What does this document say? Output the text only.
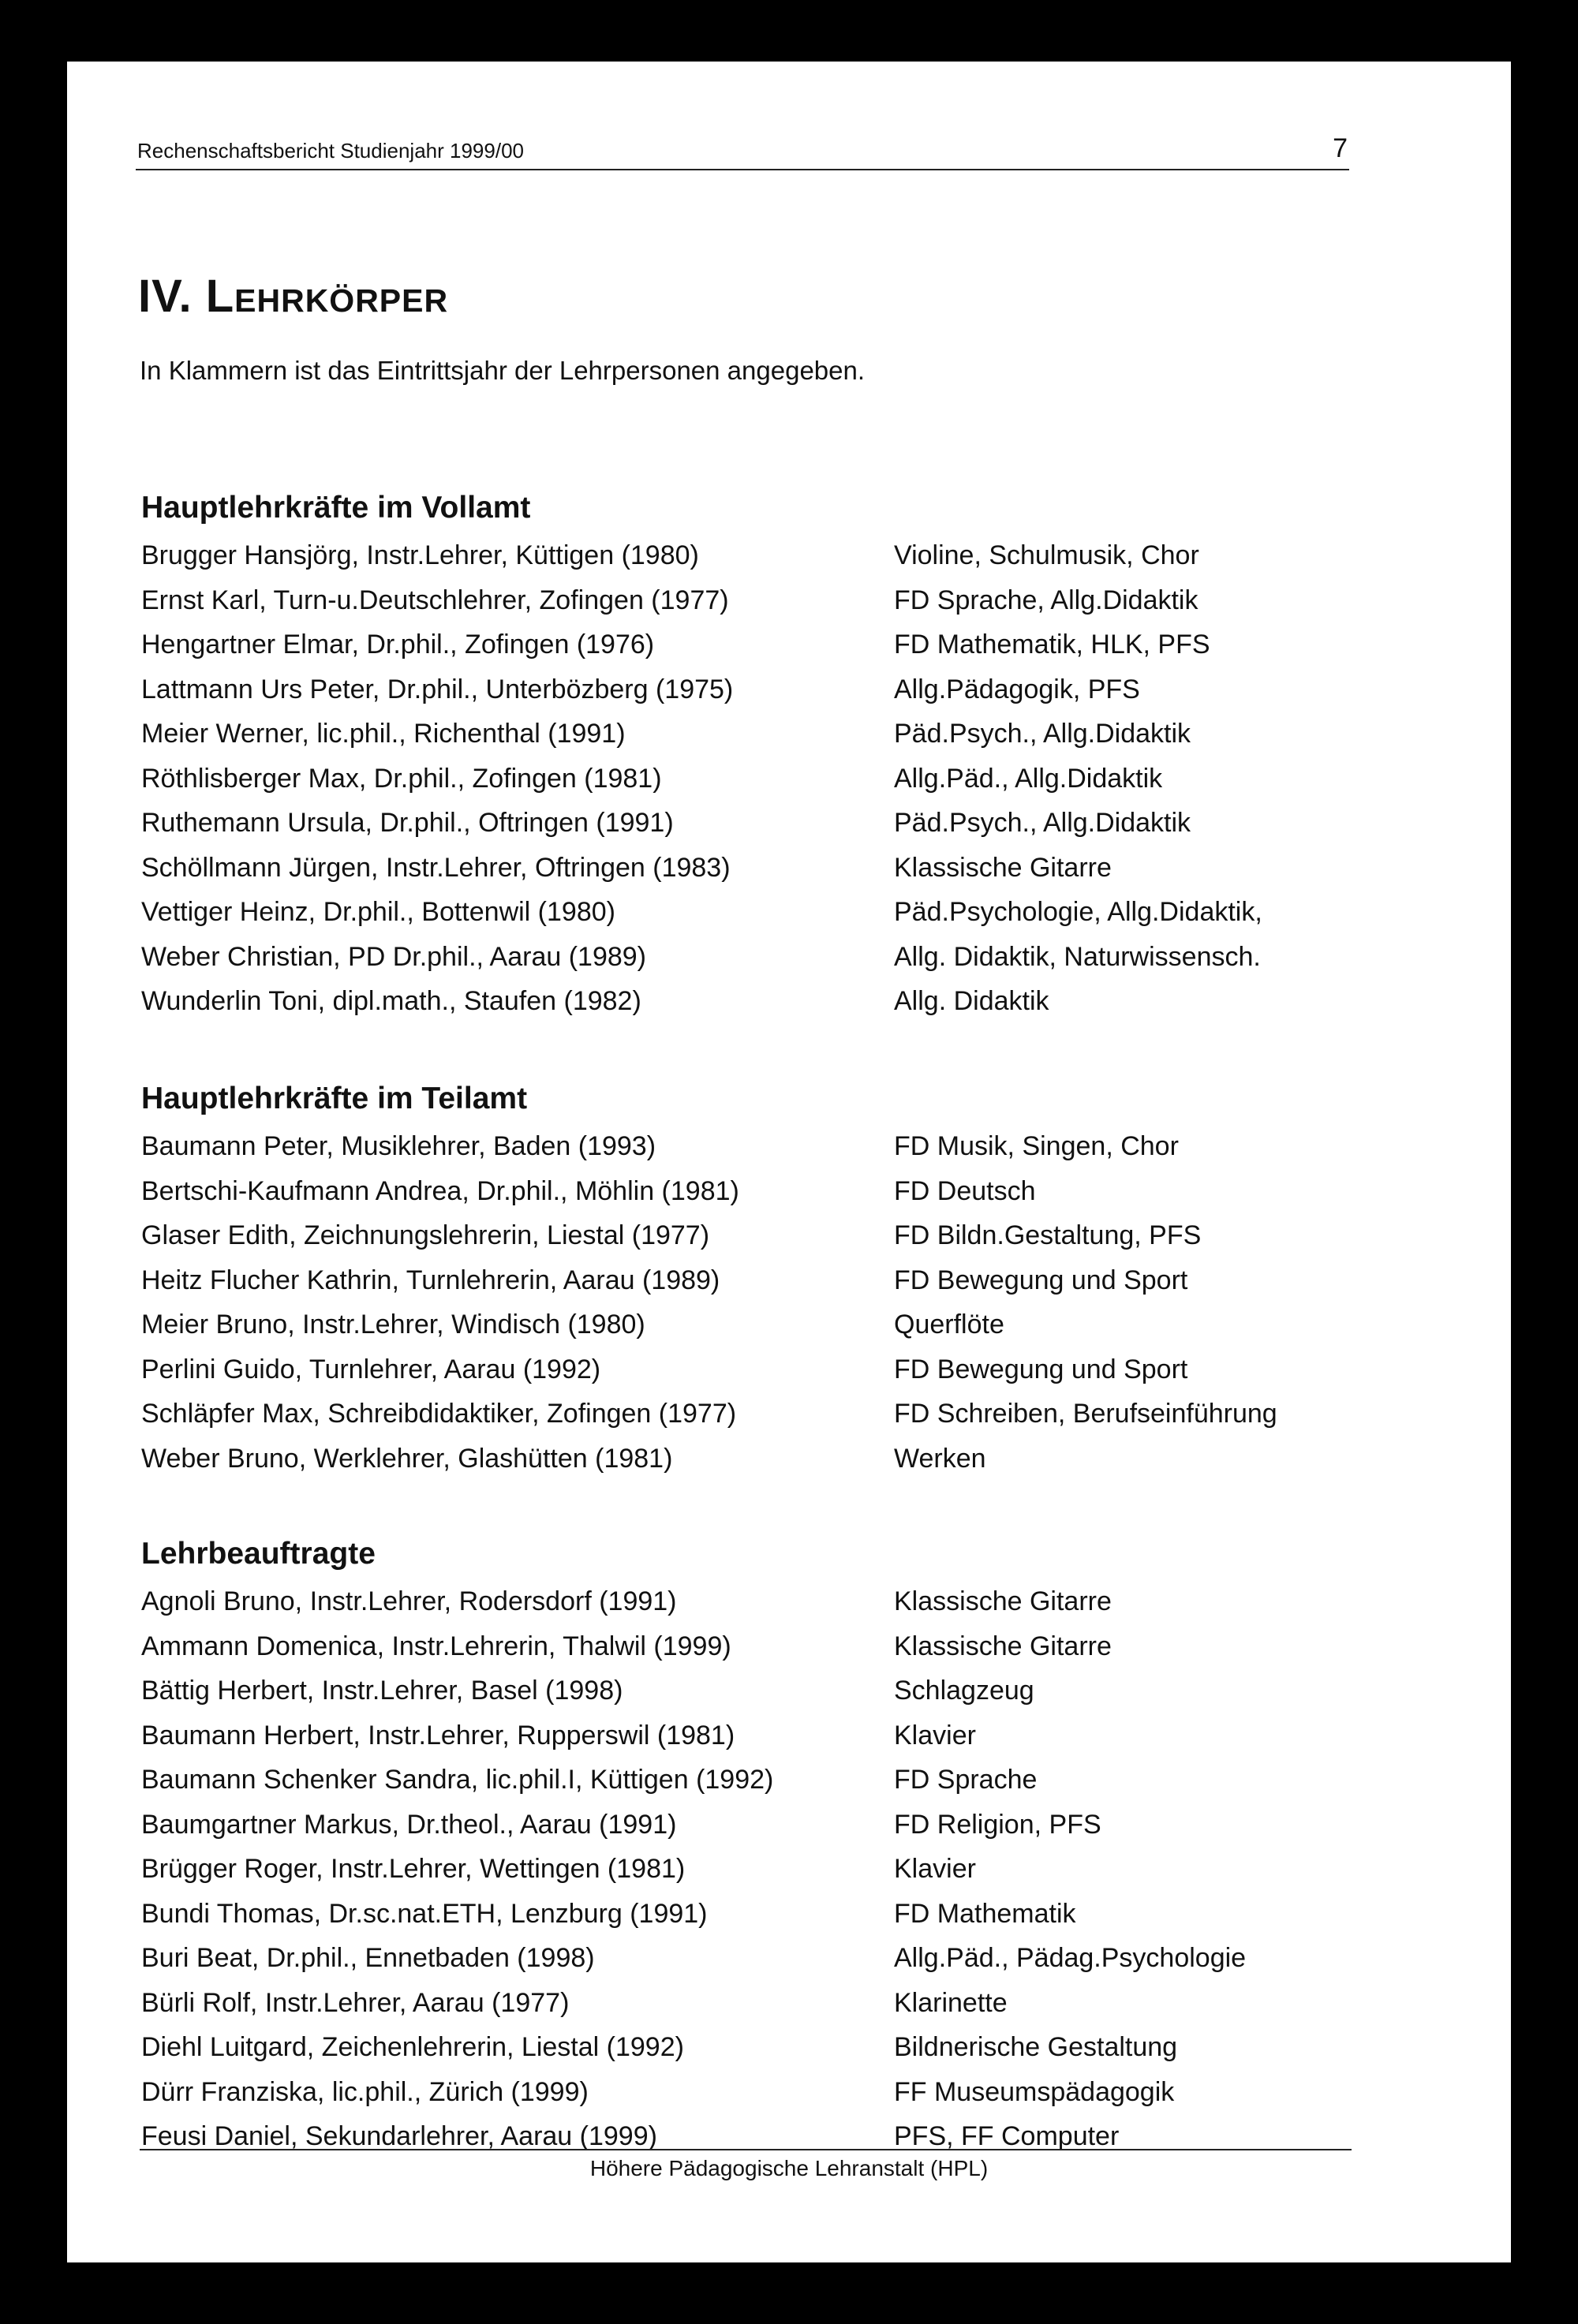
Rechenschaftsbericht Studienjahr 1999/00	7
IV. Lehrkörper
In Klammern ist das Eintrittsjahr der Lehrpersonen angegeben.
Hauptlehrkräfte im Vollamt
Brugger Hansjörg, Instr.Lehrer, Küttigen (1980)	Violine, Schulmusik, Chor
Ernst Karl, Turn-u.Deutschlehrer, Zofingen (1977)	FD Sprache, Allg.Didaktik
Hengartner Elmar, Dr.phil., Zofingen (1976)	FD Mathematik, HLK, PFS
Lattmann Urs Peter, Dr.phil., Unterbözberg (1975)	Allg.Pädagogik, PFS
Meier Werner, lic.phil., Richenthal (1991)	Päd.Psych., Allg.Didaktik
Röthlisberger Max, Dr.phil., Zofingen (1981)	Allg.Päd., Allg.Didaktik
Ruthemann Ursula, Dr.phil., Oftringen (1991)	Päd.Psych., Allg.Didaktik
Schöllmann Jürgen, Instr.Lehrer, Oftringen (1983)	Klassische Gitarre
Vettiger Heinz, Dr.phil., Bottenwil (1980)	Päd.Psychologie, Allg.Didaktik,
Weber Christian, PD Dr.phil., Aarau (1989)	Allg. Didaktik, Naturwissensch.
Wunderlin Toni, dipl.math., Staufen (1982)	Allg. Didaktik
Hauptlehrkräfte im Teilamt
Baumann Peter, Musiklehrer, Baden (1993)	FD Musik, Singen, Chor
Bertschi-Kaufmann Andrea, Dr.phil., Möhlin (1981)	FD Deutsch
Glaser Edith, Zeichnungslehrerin, Liestal (1977)	FD Bildn.Gestaltung, PFS
Heitz Flucher Kathrin, Turnlehrerin, Aarau (1989)	FD Bewegung und Sport
Meier Bruno, Instr.Lehrer, Windisch (1980)	Querflöte
Perlini Guido, Turnlehrer, Aarau (1992)	FD Bewegung und Sport
Schläpfer Max, Schreibdidaktiker, Zofingen (1977)	FD Schreiben, Berufseinführung
Weber Bruno, Werklehrer, Glashütten (1981)	Werken
Lehrbeauftragte
Agnoli Bruno, Instr.Lehrer, Rodersdorf (1991)	Klassische Gitarre
Ammann Domenica, Instr.Lehrerin, Thalwil (1999)	Klassische Gitarre
Bättig Herbert, Instr.Lehrer, Basel (1998)	Schlagzeug
Baumann Herbert, Instr.Lehrer, Rupperswil (1981)	Klavier
Baumann Schenker Sandra, lic.phil.I, Küttigen (1992)	FD Sprache
Baumgartner Markus, Dr.theol., Aarau (1991)	FD Religion, PFS
Brügger Roger, Instr.Lehrer, Wettingen (1981)	Klavier
Bundi Thomas, Dr.sc.nat.ETH, Lenzburg (1991)	FD Mathematik
Buri Beat, Dr.phil., Ennetbaden (1998)	Allg.Päd., Pädag.Psychologie
Bürli Rolf, Instr.Lehrer, Aarau (1977)	Klarinette
Diehl Luitgard, Zeichenlehrerin, Liestal (1992)	Bildnerische Gestaltung
Dürr Franziska, lic.phil., Zürich (1999)	FF Museumspädagogik
Feusi Daniel, Sekundarlehrer, Aarau (1999)	PFS, FF Computer
Höhere Pädagogische Lehranstalt (HPL)
